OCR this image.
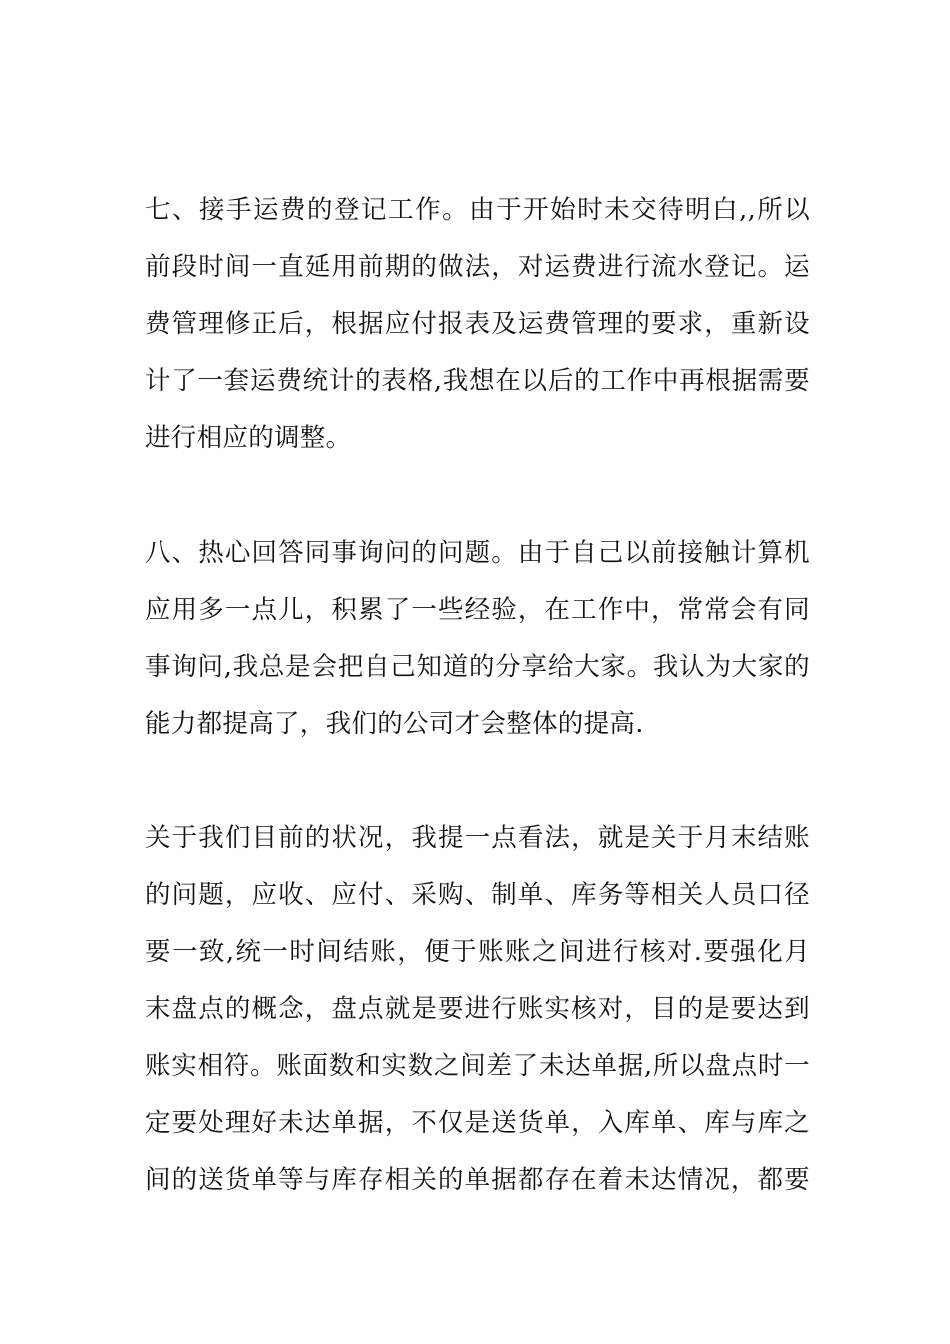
七、接手运费的登记工作。由于开始时未交待明白,,所以
前段时间一直延用前期的做法，对运费进行流水登记。运
费管理修正后，根据应付报表及运费管理的要求，重新设
计了一套运费统计的表格,我想在以后的工作中再根据需要
进行相应的调整。
八、热心回答同事询问的问题。由于自己以前接触计算机
应用多一点儿，积累了一些经验，在工作中，常常会有同
事询问,我总是会把自己知道的分享给大家。我认为大家的
能力都提高了，我们的公司才会整体的提高.
关于我们目前的状况，我提一点看法，就是关于月末结账
的问题，应收、应付、采购、制单、库务等相关人员口径
要一致,统一时间结账，便于账账之间进行核对.要强化月
末盘点的概念，盘点就是要进行账实核对，目的是要达到
账实相符。账面数和实数之间差了未达单据,所以盘点时一
定要处理好未达单据，不仅是送货单，入库单、库与库之
间的送货单等与库存相关的单据都存在着未达情况，都要
